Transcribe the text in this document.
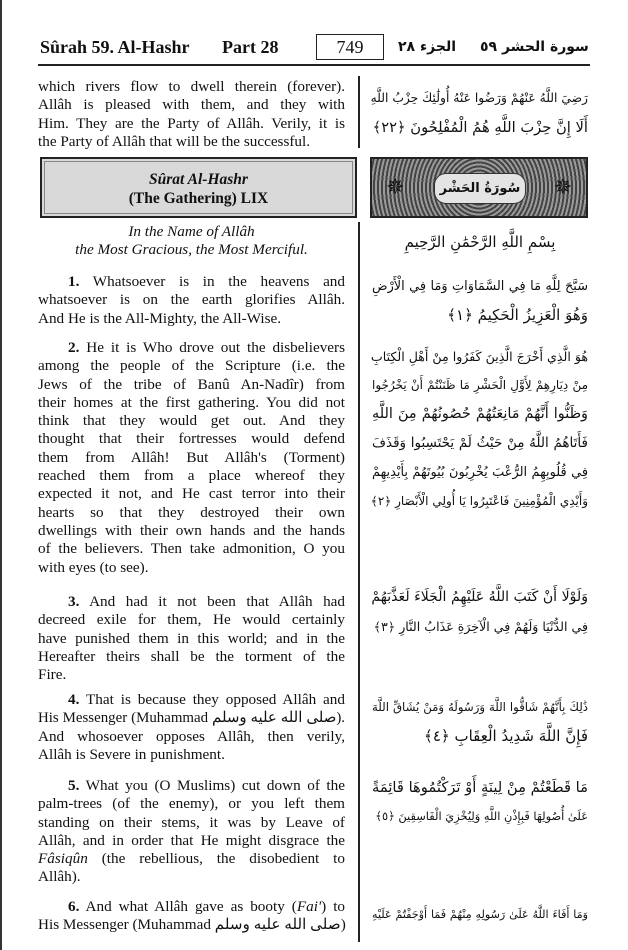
Sûrah 59. Al-Hashr Part 28	749	الجزء ٢٨ سورة الحشر ٥٩
Sûrat Al-Hashr
(The Gathering) LIX	✵	سُورَةُ الحَشْر ✵
which rivers flow to dwell therein (forever).
Allâh is pleased with them, and they with
Him. They are the Party of Allâh. Verily, it is
the Party of Allâh that will be the successful.
In the Name of Allâh
the Most Gracious, the Most Merciful.
1. Whatsoever is in the heavens and
whatsoever is on the earth glorifies Allâh.
And He is the All-Mighty, the All-Wise.
2. He it is Who drove out the disbelievers
among the people of the Scripture (i.e. the
Jews of the tribe of Banû An-Nadîr) from
their homes at the first gathering. You did not
think that they would get out. And they
thought that their fortresses would defend
them from Allâh! But Allâh's (Torment)
reached them from a place whereof they
expected it not, and He cast terror into their
hearts so that they destroyed their own
dwellings with their own hands and the hands
of the believers. Then take admonition, O you
with eyes (to see).
3. And had it not been that Allâh had
decreed exile for them, He would certainly
have punished them in this world; and in the
Hereafter theirs shall be the torment of the
Fire.
4. That is because they opposed Allâh and
His Messenger (Muhammad صلى الله عليه وسلم).
And whosoever opposes Allâh, then verily,
Allâh is Severe in punishment.
5. What you (O Muslims) cut down of the
palm-trees (of the enemy), or you left them
standing on their stems, it was by Leave of
Allâh, and in order that He might disgrace the
Fâsiqûn (the rebellious, the disobedient to
Allâh).
6. And what Allâh gave as booty (Fai') to
His Messenger (Muhammad صلى الله عليه وسلم)
رَضِيَ اللَّهُ عَنْهُمْ وَرَضُوا عَنْهُ أُولَٰئِكَ حِزْبُ اللَّهِ
أَلَا إِنَّ حِزْبَ اللَّهِ هُمُ الْمُفْلِحُونَ ﴿٢٢﴾
بِسْمِ اللَّهِ الرَّحْمَٰنِ الرَّحِيمِ
سَبَّحَ لِلَّهِ مَا فِي السَّمَاوَاتِ وَمَا فِي الْأَرْضِ
وَهُوَ الْعَزِيزُ الْحَكِيمُ ﴿١﴾
هُوَ الَّذِي أَخْرَجَ الَّذِينَ كَفَرُوا مِنْ أَهْلِ الْكِتَابِ
مِنْ دِيَارِهِمْ لِأَوَّلِ الْحَشْرِ مَا ظَنَنْتُمْ أَنْ يَخْرُجُوا
وَظَنُّوا أَنَّهُمْ مَانِعَتُهُمْ حُصُونُهُمْ مِنَ اللَّهِ
فَأَتَاهُمُ اللَّهُ مِنْ حَيْثُ لَمْ يَحْتَسِبُوا وَقَذَفَ
فِي قُلُوبِهِمُ الرُّعْبَ يُخْرِبُونَ بُيُوتَهُمْ بِأَيْدِيهِمْ
وَأَيْدِي الْمُؤْمِنِينَ فَاعْتَبِرُوا يَا أُولِي الْأَبْصَارِ ﴿٢﴾
وَلَوْلَا أَنْ كَتَبَ اللَّهُ عَلَيْهِمُ الْجَلَاءَ لَعَذَّبَهُمْ
فِي الدُّنْيَا وَلَهُمْ فِي الْآخِرَةِ عَذَابُ النَّارِ ﴿٣﴾
ذَٰلِكَ بِأَنَّهُمْ شَاقُّوا اللَّهَ وَرَسُولَهُ وَمَنْ يُشَاقِّ اللَّهَ
فَإِنَّ اللَّهَ شَدِيدُ الْعِقَابِ ﴿٤﴾
مَا قَطَعْتُمْ مِنْ لِينَةٍ أَوْ تَرَكْتُمُوهَا قَائِمَةً
عَلَىٰ أُصُولِهَا فَبِإِذْنِ اللَّهِ وَلِيُخْزِيَ الْفَاسِقِينَ ﴿٥﴾
وَمَا أَفَاءَ اللَّهُ عَلَىٰ رَسُولِهِ مِنْهُمْ فَمَا أَوْجَفْتُمْ عَلَيْهِ
